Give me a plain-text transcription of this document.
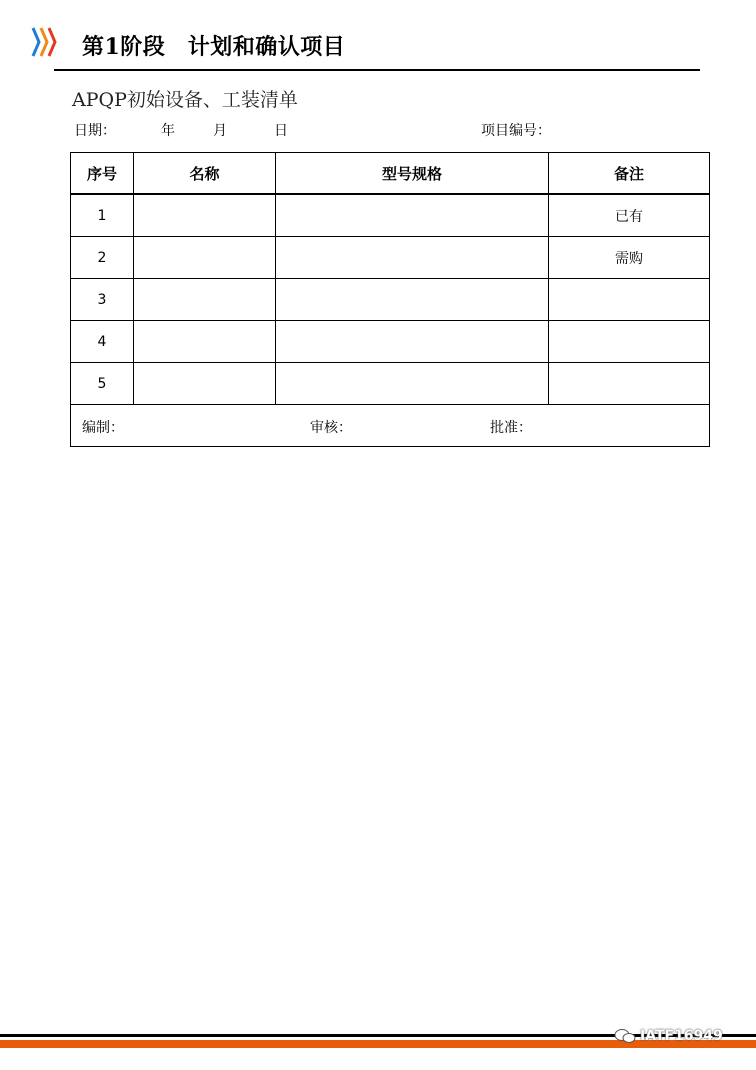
第1阶段　计划和确认项目
APQP初始设备、工装清单
日期：	年	月	日	项目编号：
序号	名称	型号规格	备注
1			已有
2			需购
3			
4			
5			

编制： 审核： 批准：			
IATF16949
